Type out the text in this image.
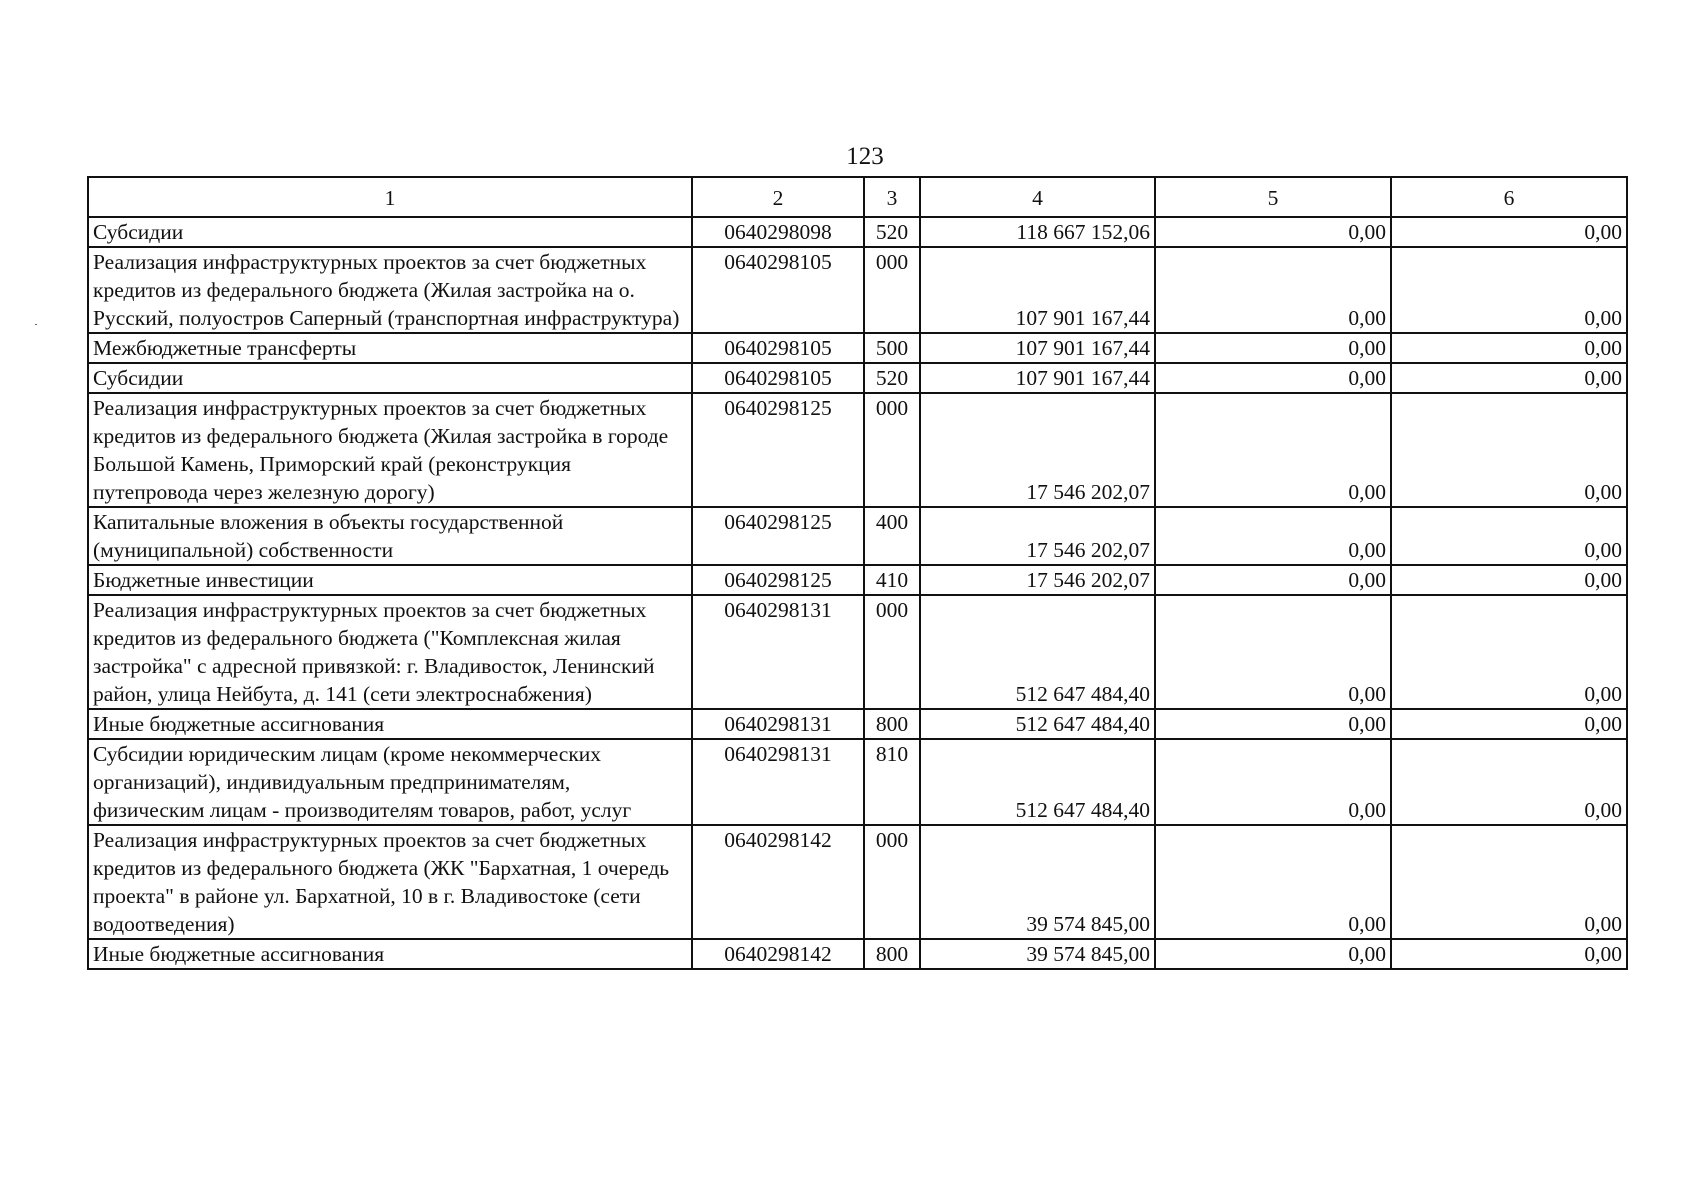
123
1	2	3	4	5	6
Субсидии	0640298098	520	118 667 152,06	0,00	0,00
Реализация инфраструктурных проектов за счет бюджетных кредитов из федерального бюджета (Жилая застройка на о. Русский, полуостров Саперный (транспортная инфраструктура)	0640298105	000	107 901 167,44	0,00	0,00
Межбюджетные трансферты	0640298105	500	107 901 167,44	0,00	0,00
Субсидии	0640298105	520	107 901 167,44	0,00	0,00
Реализация инфраструктурных проектов за счет бюджетных кредитов из федерального бюджета (Жилая застройка в городе Большой Камень, Приморский край (реконструкция путепровода через железную дорогу)	0640298125	000	17 546 202,07	0,00	0,00
Капитальные вложения в объекты государственной (муниципальной) собственности	0640298125	400	17 546 202,07	0,00	0,00
Бюджетные инвестиции	0640298125	410	17 546 202,07	0,00	0,00
Реализация инфраструктурных проектов за счет бюджетных кредитов из федерального бюджета ("Комплексная жилая застройка" с адресной привязкой: г. Владивосток, Ленинский район, улица Нейбута, д. 141 (сети электроснабжения)	0640298131	000	512 647 484,40	0,00	0,00
Иные бюджетные ассигнования	0640298131	800	512 647 484,40	0,00	0,00
Субсидии юридическим лицам (кроме некоммерческих организаций), индивидуальным предпринимателям, физическим лицам - производителям товаров, работ, услуг	0640298131	810	512 647 484,40	0,00	0,00
Реализация инфраструктурных проектов за счет бюджетных кредитов из федерального бюджета (ЖК "Бархатная, 1 очередь проекта" в районе ул. Бархатной, 10 в г. Владивостоке (сети водоотведения)	0640298142	000	39 574 845,00	0,00	0,00
Иные бюджетные ассигнования	0640298142	800	39 574 845,00	0,00	0,00
